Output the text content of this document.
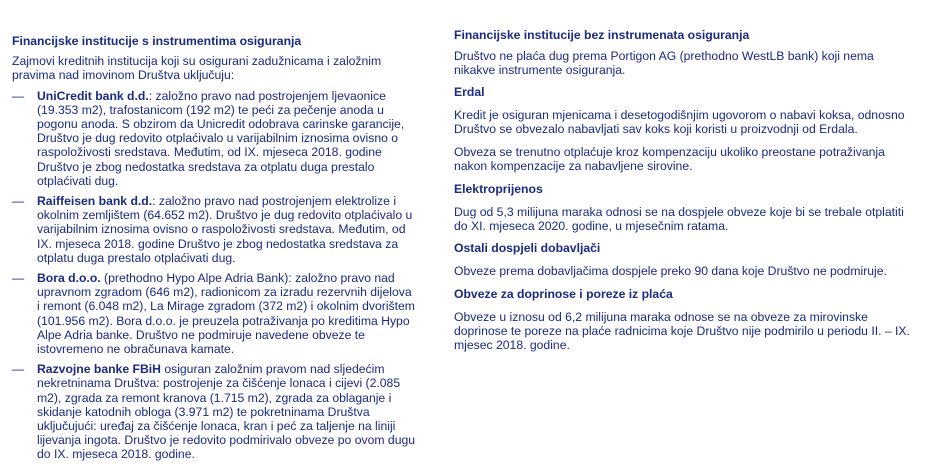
Financijske institucije s instrumentima osiguranja

Zajmovi kreditnih institucija koji su osigurani zadužnicama i založnim pravima nad imovinom Društva uključuju:

—

UniCredit bank d.d.: založno pravo nad postrojenjem ljevaonice (19.353 m2), trafostanicom (192 m2) te peći za pečenje anoda u pogonu anoda. S obzirom da Unicredit odobrava carinske garancije, Društvo je dug redovito otplaćivalo u varijabilnim iznosima ovisno o raspoloživosti sredstava. Međutim, od IX. mjeseca 2018. godine Društvo je zbog nedostatka sredstava za otplatu duga prestalo otplaćivati dug.

—

Raiffeisen bank d.d.: založno pravo nad postrojenjem elektrolize i okolnim zemljištem (64.652 m2). Društvo je dug redovito otplaćivalo u varijabilnim iznosima ovisno o raspoloživosti sredstava. Međutim, od IX. mjeseca 2018. godine Društvo je zbog nedostatka sredstava za otplatu duga prestalo otplaćivati dug.

—

Bora d.o.o. (prethodno Hypo Alpe Adria Bank): založno pravo nad upravnom zgradom (646 m2), radionicom za izradu rezervnih dijelova i remont (6.048 m2), La Mirage zgradom (372 m2) i okolnim dvorištem (101.956 m2). Bora d.o.o. je preuzela potraživanja po kreditima Hypo Alpe Adria banke. Društvo ne podmiruje navedene obveze te istovremeno ne obračunava kamate.

—

Razvojne banke FBiH osiguran založnim pravom nad sljedećim nekretninama Društva: postrojenje za čišćenje lonaca i cijevi (2.085 m2), zgrada za remont kranova (1.715 m2), zgrada za oblaganje i skidanje katodnih obloga (3.971 m2) te pokretninama Društva uključujući: uređaj za čišćenje lonaca, kran i peć za taljenje na liniji lijevanja ingota. Društvo je redovito podmirivalo obveze po ovom dugu do IX. mjeseca 2018. godine.

Financijske institucije bez instrumenata osiguranja

Društvo ne plaća dug prema Portigon AG (prethodno WestLB bank) koji nema nikakve instrumente osiguranja.

Erdal

Kredit je osiguran mjenicama i desetogodišnjim ugovorom o nabavi koksa, odnosno Društvo se obvezalo nabavljati sav koks koji koristi u proizvodnji od Erdala.

Obveza se trenutno otplaćuje kroz kompenzaciju ukoliko preostane potraživanja nakon kompenzacije za nabavljene sirovine.

Elektroprijenos

Dug od 5,3 milijuna maraka odnosi se na dospjele obveze koje bi se trebale otplatiti do XI. mjeseca 2020. godine, u mjesečnim ratama.

Ostali dospjeli dobavljači

Obveze prema dobavljačima dospjele preko 90 dana koje Društvo ne podmiruje.

Obveze za doprinose i poreze iz plaća

Obveze u iznosu od 6,2 milijuna maraka odnose se na obveze za mirovinske doprinose te poreze na plaće radnicima koje Društvo nije podmirilo u periodu II. – IX. mjesec 2018. godine.
